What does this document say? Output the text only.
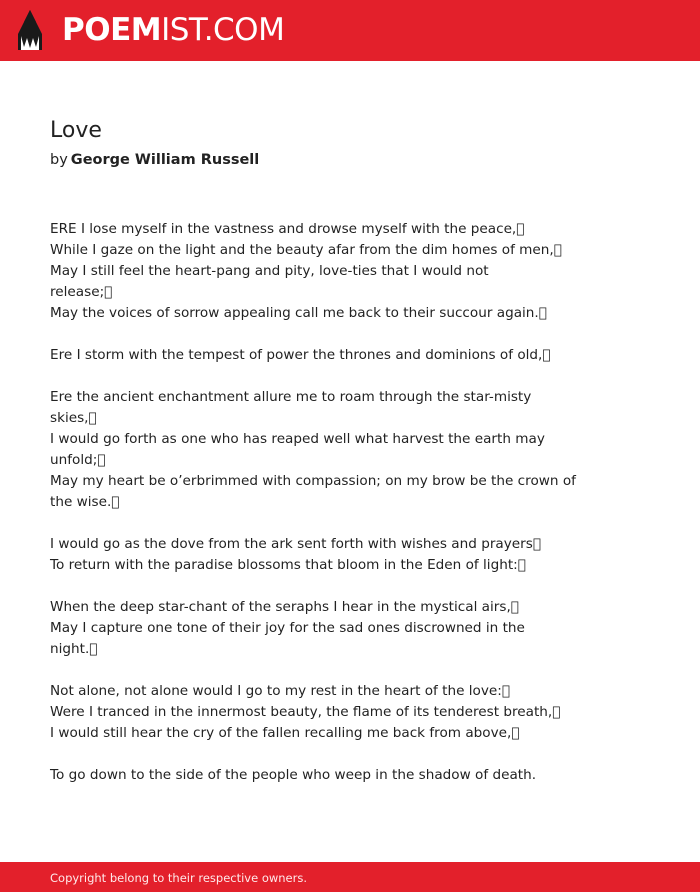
POEMIST.COM
Love
by George William Russell
ERE I lose myself in the vastness and drowse myself with the peace, 
While I gaze on the light and the beauty afar from the dim homes of men, 
May I still feel the heart-pang and pity, love-ties that I would not
release; 
May the voices of sorrow appealing call me back to their succour again. 
Ere I storm with the tempest of power the thrones and dominions of old, 
Ere the ancient enchantment allure me to roam through the star-misty
skies, 
I would go forth as one who has reaped well what harvest the earth may
unfold; 
May my heart be o’erbrimmed with compassion; on my brow be the crown of
the wise. 
I would go as the dove from the ark sent forth with wishes and prayers 
To return with the paradise blossoms that bloom in the Eden of light: 
When the deep star-chant of the seraphs I hear in the mystical airs, 
May I capture one tone of their joy for the sad ones discrowned in the
night. 
Not alone, not alone would I go to my rest in the heart of the love: 
Were I tranced in the innermost beauty, the flame of its tenderest breath, 
I would still hear the cry of the fallen recalling me back from above, 
To go down to the side of the people who weep in the shadow of death.
Copyright belong to their respective owners.
